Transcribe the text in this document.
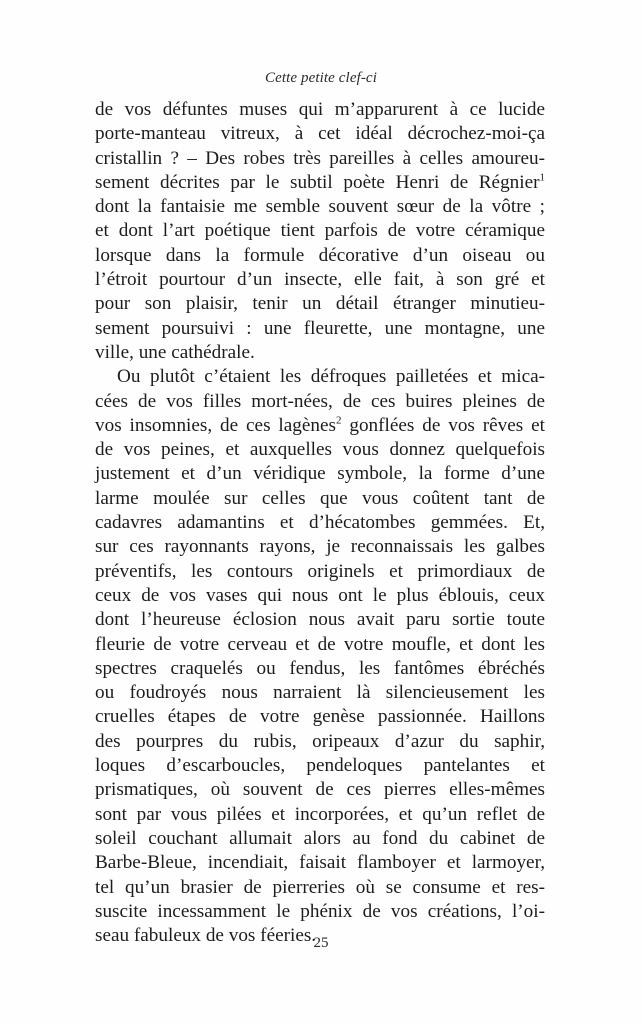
Cette petite clef-ci
de vos défuntes muses qui m’apparurent à ce lucide
porte-manteau vitreux, à cet idéal décrochez-moi-ça
cristallin ? – Des robes très pareilles à celles amoureu-
sement décrites par le subtil poète Henri de Régnier$^1$
dont la fantaisie me semble souvent sœur de la vôtre ;
et dont l’art poétique tient parfois de votre céramique
lorsque dans la formule décorative d’un oiseau ou
l’étroit pourtour d’un insecte, elle fait, à son gré et
pour son plaisir, tenir un détail étranger minutieu-
sement poursuivi : une fleurette, une montagne, une
ville, une cathédrale.
Ou plutôt c’étaient les défroques pailletées et mica-
cées de vos filles mort-nées, de ces buires pleines de
vos insomnies, de ces lagènes$^2$ gonflées de vos rêves et
de vos peines, et auxquelles vous donnez quelquefois
justement et d’un véridique symbole, la forme d’une
larme moulée sur celles que vous coûtent tant de
cadavres adamantins et d’hécatombes gemmées. Et,
sur ces rayonnants rayons, je reconnaissais les galbes
préventifs, les contours originels et primordiaux de
ceux de vos vases qui nous ont le plus éblouis, ceux
dont l’heureuse éclosion nous avait paru sortie toute
fleurie de votre cerveau et de votre moufle, et dont les
spectres craquelés ou fendus, les fantômes ébréchés
ou foudroyés nous narraient là silencieusement les
cruelles étapes de votre genèse passionnée. Haillons
des pourpres du rubis, oripeaux d’azur du saphir,
loques d’escarboucles, pendeloques pantelantes et
prismatiques, où souvent de ces pierres elles-mêmes
sont par vous pilées et incorporées, et qu’un reflet de
soleil couchant allumait alors au fond du cabinet de
Barbe-Bleue, incendiait, faisait flamboyer et larmoyer,
tel qu’un brasier de pierreries où se consume et res-
suscite incessamment le phénix de vos créations, l’oi-
seau fabuleux de vos féeries.
25
